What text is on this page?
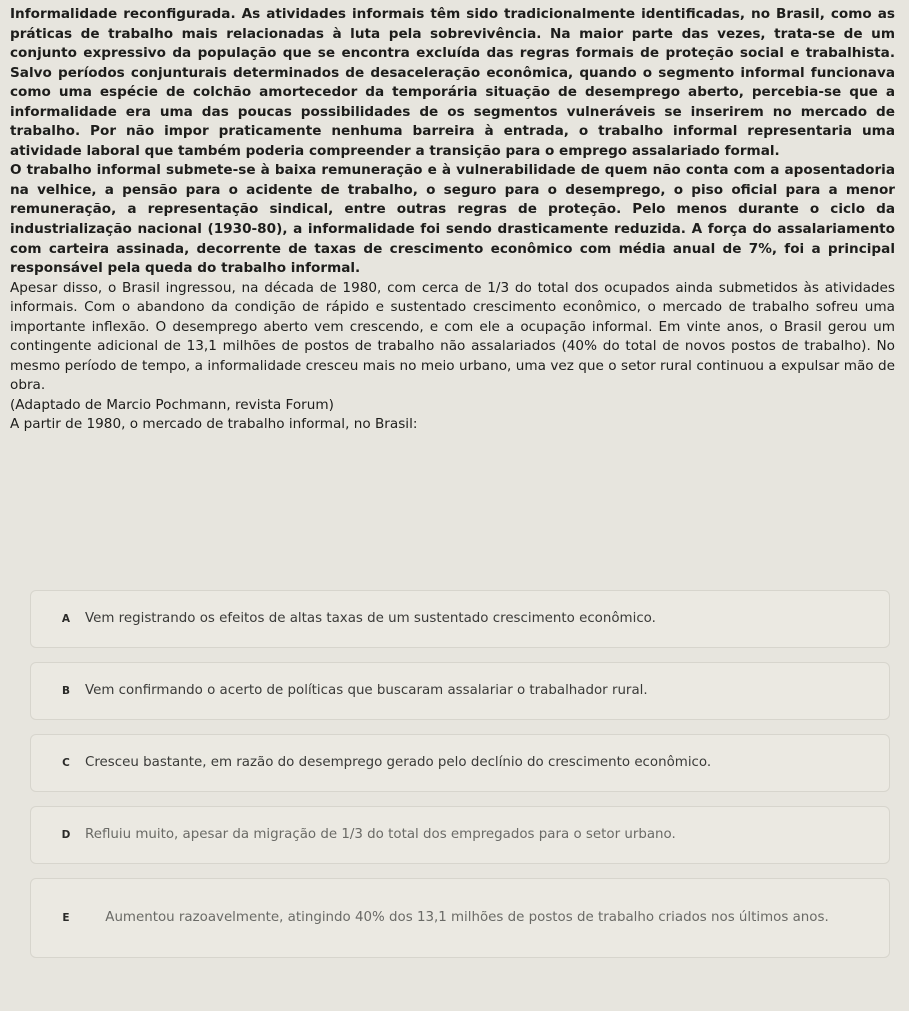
Informalidade reconfigurada. As atividades informais têm sido tradicionalmente identificadas, no Brasil, como as práticas de trabalho mais relacionadas à luta pela sobrevivência. Na maior parte das vezes, trata-se de um conjunto expressivo da população que se encontra excluída das regras formais de proteção social e trabalhista. Salvo períodos conjunturais determinados de desaceleração econômica, quando o segmento informal funcionava como uma espécie de colchão amortecedor da temporária situação de desemprego aberto, percebia-se que a informalidade era uma das poucas possibilidades de os segmentos vulneráveis se inserirem no mercado de trabalho. Por não impor praticamente nenhuma barreira à entrada, o trabalho informal representaria uma atividade laboral que também poderia compreender a transição para o emprego assalariado formal.

O trabalho informal submete-se à baixa remuneração e à vulnerabilidade de quem não conta com a aposentadoria na velhice, a pensão para o acidente de trabalho, o seguro para o desemprego, o piso oficial para a menor remuneração, a representação sindical, entre outras regras de proteção. Pelo menos durante o ciclo da industrialização nacional (1930-80), a informalidade foi sendo drasticamente reduzida. A força do assalariamento com carteira assinada, decorrente de taxas de crescimento econômico com média anual de 7%, foi a principal responsável pela queda do trabalho informal.

Apesar disso, o Brasil ingressou, na década de 1980, com cerca de 1/3 do total dos ocupados ainda submetidos às atividades informais. Com o abandono da condição de rápido e sustentado crescimento econômico, o mercado de trabalho sofreu uma importante inflexão. O desemprego aberto vem crescendo, e com ele a ocupação informal. Em vinte anos, o Brasil gerou um contingente adicional de 13,1 milhões de postos de trabalho não assalariados (40% do total de novos postos de trabalho). No mesmo período de tempo, a informalidade cresceu mais no meio urbano, uma vez que o setor rural continuou a expulsar mão de obra.

(Adaptado de Marcio Pochmann, revista Forum)

A partir de 1980, o mercado de trabalho informal, no Brasil:

A	Vem registrando os efeitos de altas taxas de um sustentado crescimento econômico.
B	Vem confirmando o acerto de políticas que buscaram assalariar o trabalhador rural.
C	Cresceu bastante, em razão do desemprego gerado pelo declínio do crescimento econômico.
D	Refluiu muito, apesar da migração de 1/3 do total dos empregados para o setor urbano.
E	Aumentou razoavelmente, atingindo 40% dos 13,1 milhões de postos de trabalho criados nos últimos anos.
